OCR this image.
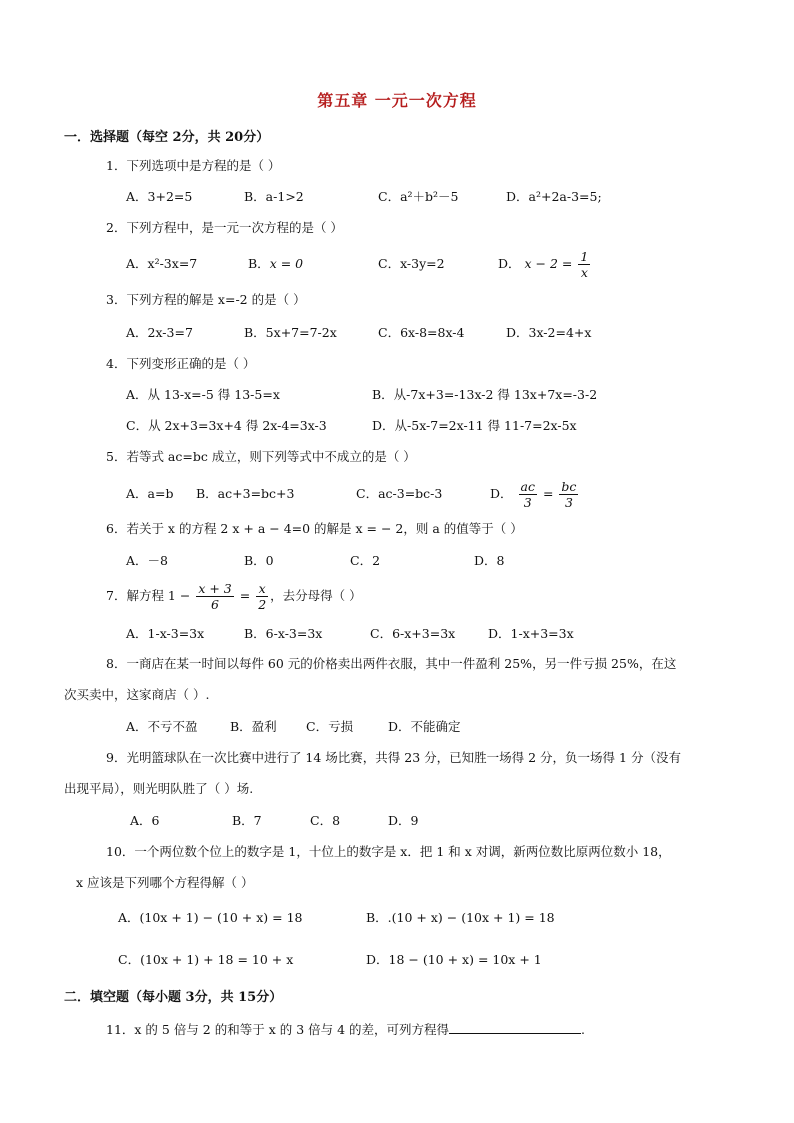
第五章 一元一次方程
一．选择题（每空 2分，共 20分）
1．下列选项中是方程的是（ ）
A．3+2=5	B．a-1>2	C．a²＋b²－5	D．a²+2a-3=5;
2．下列方程中，是一元一次方程的是（ ）
A．x²-3x=7	B．x = 0	C．x-3y=2	D． $x - 2 = \frac{1}{x}$
3．下列方程的解是 x=-2 的是（ ）
A．2x-3=7	B．5x+7=7-2x	C．6x-8=8x-4	D．3x-2=4+x
4．下列变形正确的是（ ）
A．从 13-x=-5 得 13-5=x	B．从-7x+3=-13x-2 得 13x+7x=-3-2
C．从 2x+3=3x+4 得 2x-4=3x-3	D．从-5x-7=2x-11 得 11-7=2x-5x
5．若等式 ac=bc 成立，则下列等式中不成立的是（ ）
A．a=b B．ac+3=bc+3	C．ac-3=bc-3	D． $\frac{ac}{3} = \frac{bc}{3}$
6．若关于 x 的方程 2 x + a − 4=0 的解是 x = − 2，则 a 的值等于（ ）
A．－8	B．0	C．2	D．8
7．解方程 $1 - \frac{x + 3}{6} = \frac{x}{2}$ ，去分母得（ ）
A．1-x-3=3x	B．6-x-3=3x	C．6-x+3=3x	D．1-x+3=3x
8．一商店在某一时间以每件 60 元的价格卖出两件衣服，其中一件盈利 25%，另一件亏损 25%，在这
次买卖中，这家商店（ ）.
A．不亏不盈	B．盈利 C．亏损	D．不能确定
9．光明篮球队在一次比赛中进行了 14 场比赛，共得 23 分，已知胜一场得 2 分，负一场得 1 分（没有
出现平局），则光明队胜了（ ）场.
A．6	B．7	C．8	D．9
10．一个两位数个位上的数字是 1，十位上的数字是 x．把 1 和 x 对调，新两位数比原两位数小 18，
x 应该是下列哪个方程得解（ ）
A．(10x + 1) − (10 + x) = 18	B．.(10 + x) − (10x + 1) = 18
C．(10x + 1) + 18 = 10 + x	D．18 − (10 + x) = 10x + 1
二．填空题（每小题 3分，共 15分）
11．x 的 5 倍与 2 的和等于 x 的 3 倍与 4 的差，可列方程得	.
